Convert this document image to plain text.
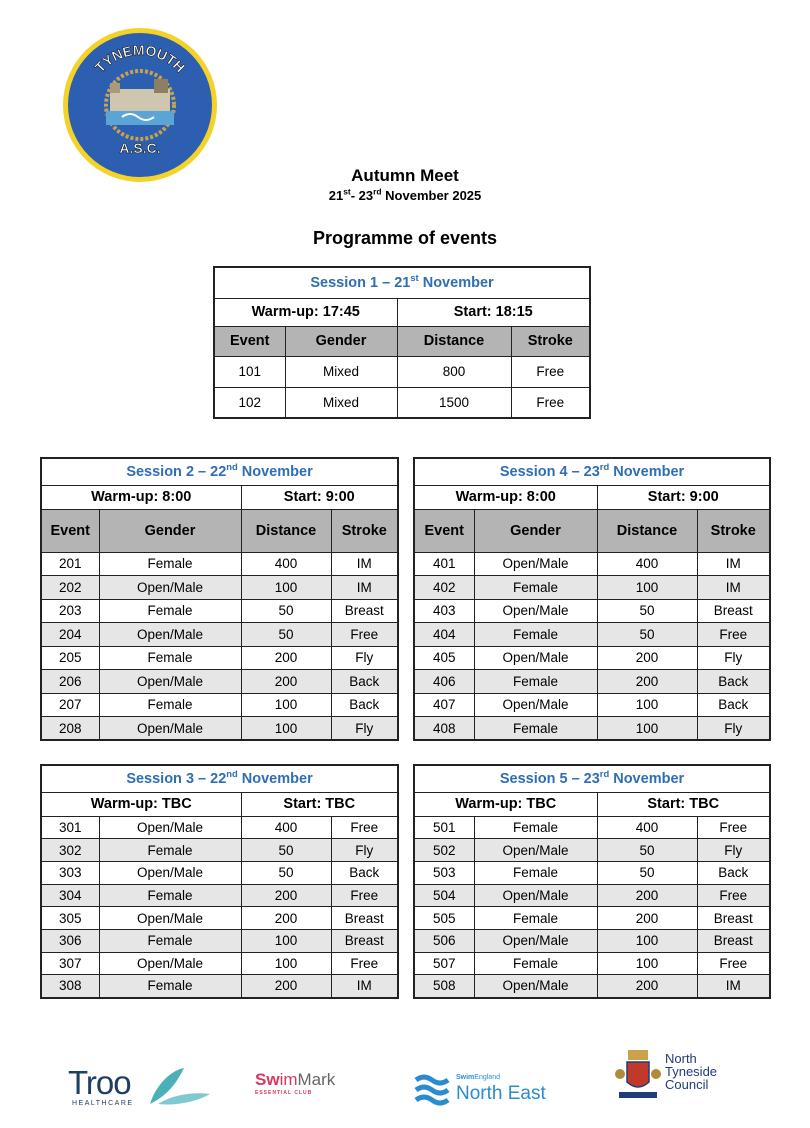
TYNEMOUTH
A.S.C.
Autumn Meet
21st- 23rd November 2025
Programme of events
Session 1 – 21st November			
Warm-up: 17:45		Start: 18:15	
Event	Gender	Distance	Stroke
101	Mixed	800	Free
102	Mixed	1500	Free
Session 2 – 22nd November			
Warm-up: 8:00		Start: 9:00	
Event	Gender	Distance	Stroke
201	Female	400	IM
202	Open/Male	100	IM
203	Female	50	Breast
204	Open/Male	50	Free
205	Female	200	Fly
206	Open/Male	200	Back
207	Female	100	Back
208	Open/Male	100	Fly
Session 4 – 23rd November			
Warm-up: 8:00		Start: 9:00	
Event	Gender	Distance	Stroke
401	Open/Male	400	IM
402	Female	100	IM
403	Open/Male	50	Breast
404	Female	50	Free
405	Open/Male	200	Fly
406	Female	200	Back
407	Open/Male	100	Back
408	Female	100	Fly
Session 3 – 22nd November			
Warm-up: TBC		Start: TBC	
301	Open/Male	400	Free
302	Female	50	Fly
303	Open/Male	50	Back
304	Female	200	Free
305	Open/Male	200	Breast
306	Female	100	Breast
307	Open/Male	100	Free
308	Female	200	IM
Session 5 – 23rd November			
Warm-up: TBC		Start: TBC	
501	Female	400	Free
502	Open/Male	50	Fly
503	Female	50	Back
504	Open/Male	200	Free
505	Female	200	Breast
506	Open/Male	100	Breast
507	Female	100	Free
508	Open/Male	200	IM
Troo
HEALTHCARE
SwimMark
ESSENTIAL CLUB
SwimEngland
North East
North
Tyneside
Council
